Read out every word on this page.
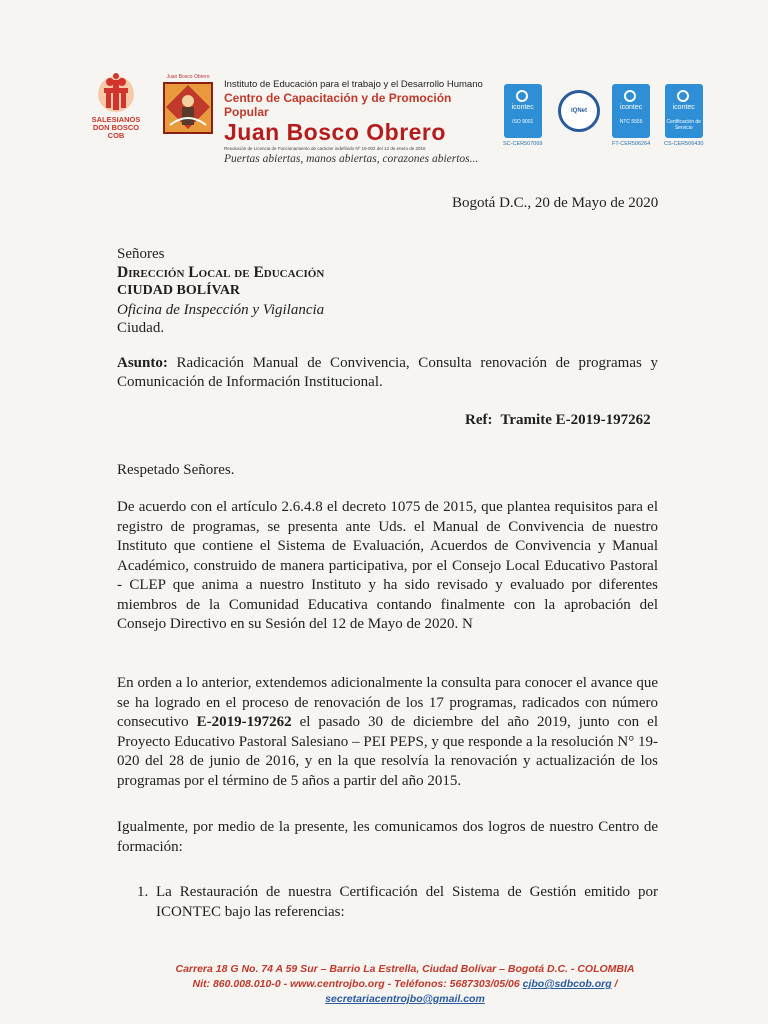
SALESIANOS
DON BOSCO
COB
Juan Bosco Obrero
Instituto de Educación para el trabajo y el Desarrollo Humano
Centro de Capacitación y de Promoción Popular
Juan Bosco Obrero
Resolución de Licencia de Funcionamiento de carácter indefinido Nº 19-002 del 12 de enero de 2016
Puertas abiertas, manos abiertas, corazones abiertos...
icontec
ISO 9001
SC-CER507069
IQNet	icontec
NTC 5555
FT-CER506264
icontec
Certificación de Servicio
CS-CER506430
Bogotá D.C., 20 de Mayo de 2020
Señores
Dirección Local de Educación
CIUDAD BOLÍVAR
Oficina de Inspección y Vigilancia
Ciudad.
Asunto: Radicación Manual de Convivencia, Consulta renovación de programas y Comunicación de Información Institucional.
Ref: Tramite E-2019-197262
Respetado Señores.
De acuerdo con el artículo 2.6.4.8 el decreto 1075 de 2015, que plantea requisitos para el registro de programas, se presenta ante Uds. el Manual de Convivencia de nuestro Instituto que contiene el Sistema de Evaluación, Acuerdos de Convivencia y Manual Académico, construido de manera participativa, por el Consejo Local Educativo Pastoral - CLEP que anima a nuestro Instituto y ha sido revisado y evaluado por diferentes miembros de la Comunidad Educativa contando finalmente con la aprobación del Consejo Directivo en su Sesión del 12 de Mayo de 2020. N
En orden a lo anterior, extendemos adicionalmente la consulta para conocer el avance que se ha logrado en el proceso de renovación de los 17 programas, radicados con número consecutivo E-2019-197262 el pasado 30 de diciembre del año 2019, junto con el Proyecto Educativo Pastoral Salesiano – PEI PEPS, y que responde a la resolución N° 19-020 del 28 de junio de 2016, y en la que resolvía la renovación y actualización de los programas por el término de 5 años a partir del año 2015.
Igualmente, por medio de la presente, les comunicamos dos logros de nuestro Centro de formación:
1. La Restauración de nuestra Certificación del Sistema de Gestión emitido por ICONTEC bajo las referencias:
Carrera 18 G No. 74 A 59 Sur – Barrio La Estrella, Ciudad Bolívar – Bogotá D.C. - COLOMBIA
Nit: 860.008.010-0 - www.centrojbo.org - Teléfonos: 5687303/05/06 cjbo@sdbcob.org /
secretariacentrojbo@gmail.com
